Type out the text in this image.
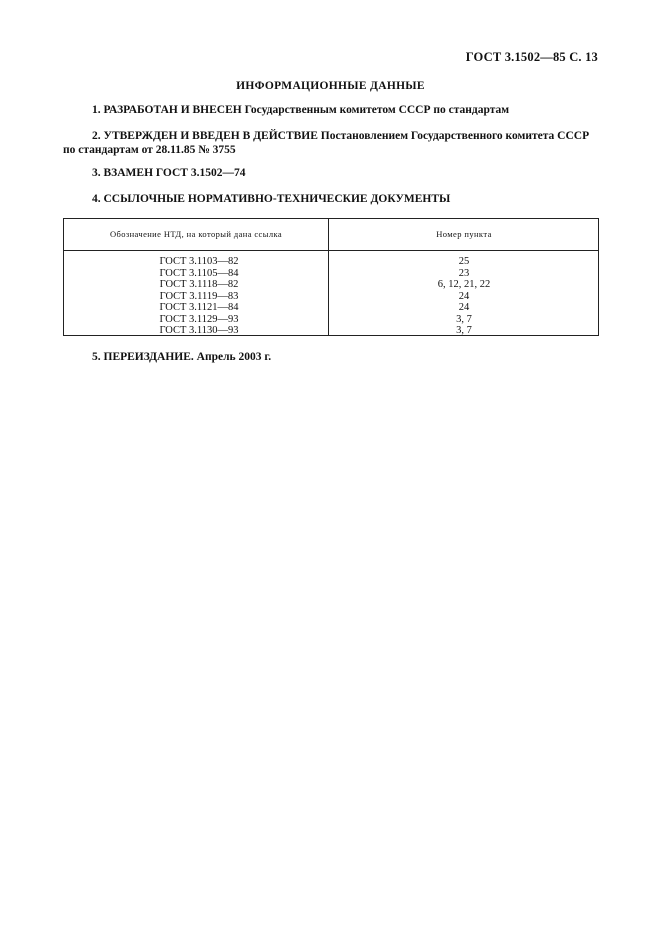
ГОСТ 3.1502—85 С. 13
ИНФОРМАЦИОННЫЕ ДАННЫЕ
1. РАЗРАБОТАН И ВНЕСЕН Государственным комитетом СССР по стандартам
2. УТВЕРЖДЕН И ВВЕДЕН В ДЕЙСТВИЕ Постановлением Государственного комитета СССР
по стандартам от 28.11.85 № 3755
3. ВЗАМЕН ГОСТ 3.1502—74
4. ССЫЛОЧНЫЕ НОРМАТИВНО-ТЕХНИЧЕСКИЕ ДОКУМЕНТЫ
Обозначение НТД, на который дана ссылка	Номер пункта
ГОСТ 3.1103—82	25
ГОСТ 3.1105—84	23
ГОСТ 3.1118—82	6, 12, 21, 22
ГОСТ 3.1119—83	24
ГОСТ 3.1121—84	24
ГОСТ 3.1129—93	3, 7
ГОСТ 3.1130—93	3, 7
5. ПЕРЕИЗДАНИЕ. Апрель 2003 г.
